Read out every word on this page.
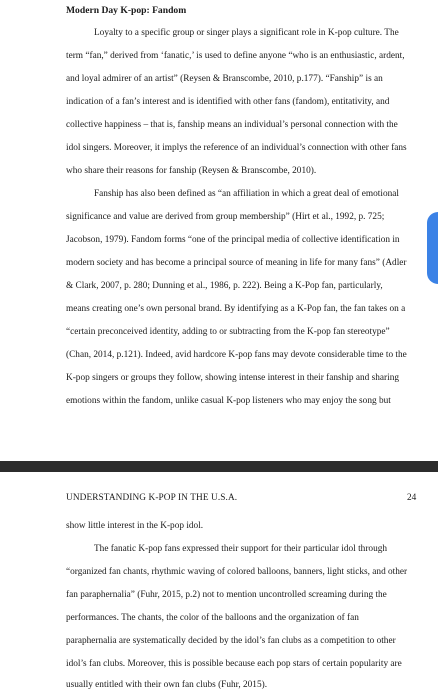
Modern Day K-pop: Fandom

Loyalty to a specific group or singer plays a significant role in K-pop culture. The

term “fan,” derived from ‘fanatic,’ is used to define anyone “who is an enthusiastic, ardent,

and loyal admirer of an artist” (Reysen & Branscombe, 2010, p.177). “Fanship” is an

indication of a fan’s interest and is identified with other fans (fandom), entitativity, and

collective happiness – that is, fanship means an individual’s personal connection with the

idol singers. Moreover, it implys the reference of an individual’s connection with other fans

who share their reasons for fanship (Reysen & Branscombe, 2010).

Fanship has also been defined as “an affiliation in which a great deal of emotional

significance and value are derived from group membership” (Hirt et al., 1992, p. 725;

Jacobson, 1979). Fandom forms “one of the principal media of collective identification in

modern society and has become a principal source of meaning in life for many fans” (Adler

& Clark, 2007, p. 280; Dunning et al., 1986, p. 222). Being a K-Pop fan, particularly,

means creating one’s own personal brand. By identifying as a K-Pop fan, the fan takes on a

“certain preconceived identity, adding to or subtracting from the K-pop fan stereotype”

(Chan, 2014, p.121). Indeed, avid hardcore K-pop fans may devote considerable time to the

K-pop singers or groups they follow, showing intense interest in their fanship and sharing

emotions within the fandom, unlike casual K-pop listeners who may enjoy the song but

UNDERSTANDING K-POP IN THE U.S.A.	24

show little interest in the K-pop idol.

The fanatic K-pop fans expressed their support for their particular idol through

“organized fan chants, rhythmic waving of colored balloons, banners, light sticks, and other

fan paraphernalia” (Fuhr, 2015, p.2) not to mention uncontrolled screaming during the

performances. The chants, the color of the balloons and the organization of fan

paraphernalia are systematically decided by the idol’s fan clubs as a competition to other

idol’s fan clubs. Moreover, this is possible because each pop stars of certain popularity are

usually entitled with their own fan clubs (Fuhr, 2015).
